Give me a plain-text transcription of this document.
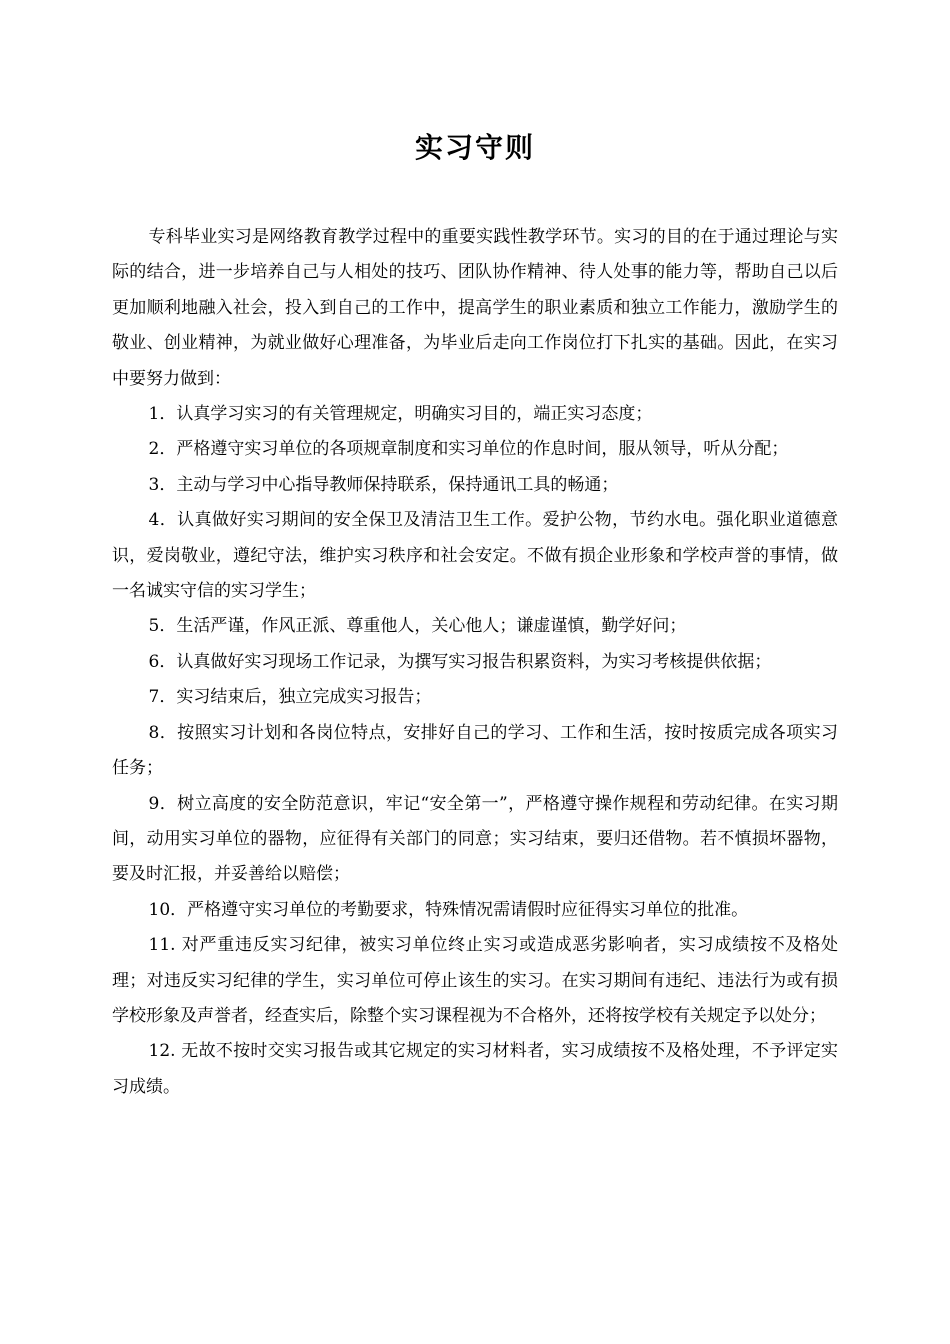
实习守则

专科毕业实习是网络教育教学过程中的重要实践性教学环节。实习的目的在于通过理论与实际的结合，进一步培养自己与人相处的技巧、团队协作精神、待人处事的能力等，帮助自己以后更加顺利地融入社会，投入到自己的工作中，提高学生的职业素质和独立工作能力，激励学生的敬业、创业精神，为就业做好心理准备，为毕业后走向工作岗位打下扎实的基础。因此，在实习中要努力做到：

1．认真学习实习的有关管理规定，明确实习目的，端正实习态度；

2．严格遵守实习单位的各项规章制度和实习单位的作息时间，服从领导，听从分配；

3．主动与学习中心指导教师保持联系，保持通讯工具的畅通；

4．认真做好实习期间的安全保卫及清洁卫生工作。爱护公物，节约水电。强化职业道德意识，爱岗敬业，遵纪守法，维护实习秩序和社会安定。不做有损企业形象和学校声誉的事情，做一名诚实守信的实习学生；

5．生活严谨，作风正派、尊重他人，关心他人；谦虚谨慎，勤学好问；

6．认真做好实习现场工作记录，为撰写实习报告积累资料，为实习考核提供依据；

7．实习结束后，独立完成实习报告；

8．按照实习计划和各岗位特点，安排好自己的学习、工作和生活，按时按质完成各项实习任务；

9．树立高度的安全防范意识，牢记“安全第一”，严格遵守操作规程和劳动纪律。在实习期间，动用实习单位的器物，应征得有关部门的同意；实习结束，要归还借物。若不慎损坏器物，要及时汇报，并妥善给以赔偿；

10．严格遵守实习单位的考勤要求，特殊情况需请假时应征得实习单位的批准。

11. 对严重违反实习纪律，被实习单位终止实习或造成恶劣影响者，实习成绩按不及格处理；对违反实习纪律的学生，实习单位可停止该生的实习。在实习期间有违纪、违法行为或有损学校形象及声誉者，经查实后，除整个实习课程视为不合格外，还将按学校有关规定予以处分；

12. 无故不按时交实习报告或其它规定的实习材料者，实习成绩按不及格处理，不予评定实习成绩。
